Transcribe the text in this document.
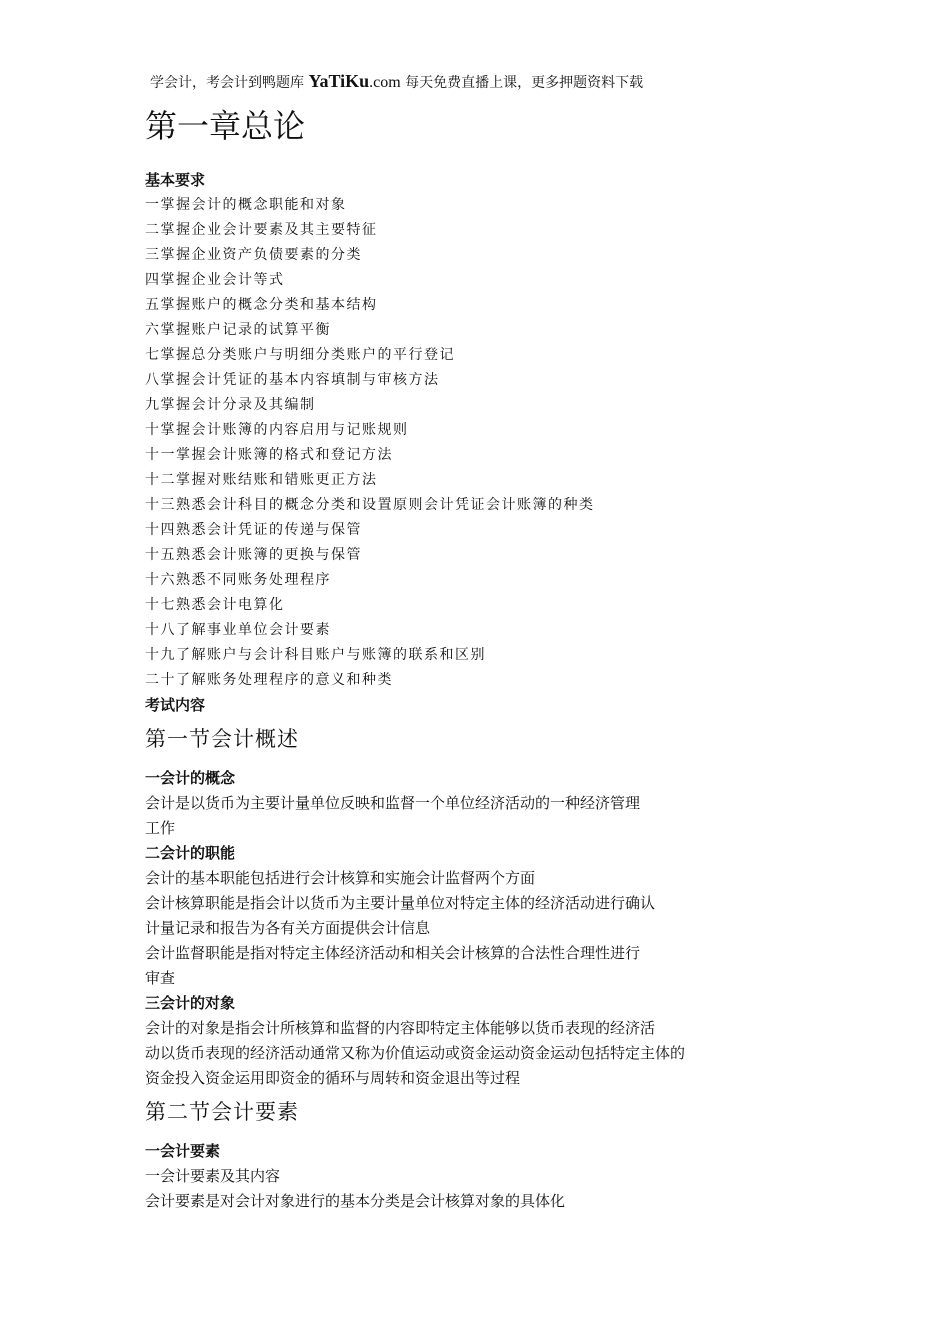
学会计，考会计到鸭题库 YaTiKu.com 每天免费直播上课，更多押题资料下载
第一章总论
基本要求
一掌握会计的概念职能和对象
二掌握企业会计要素及其主要特征
三掌握企业资产负债要素的分类
四掌握企业会计等式
五掌握账户的概念分类和基本结构
六掌握账户记录的试算平衡
七掌握总分类账户与明细分类账户的平行登记
八掌握会计凭证的基本内容填制与审核方法
九掌握会计分录及其编制
十掌握会计账簿的内容启用与记账规则
十一掌握会计账簿的格式和登记方法
十二掌握对账结账和错账更正方法
十三熟悉会计科目的概念分类和设置原则会计凭证会计账簿的种类
十四熟悉会计凭证的传递与保管
十五熟悉会计账簿的更换与保管
十六熟悉不同账务处理程序
十七熟悉会计电算化
十八了解事业单位会计要素
十九了解账户与会计科目账户与账簿的联系和区别
二十了解账务处理程序的意义和种类
考试内容
第一节会计概述
一会计的概念

会计是以货币为主要计量单位反映和监督一个单位经济活动的一种经济管理

工作

二会计的职能

会计的基本职能包括进行会计核算和实施会计监督两个方面

会计核算职能是指会计以货币为主要计量单位对特定主体的经济活动进行确认

计量记录和报告为各有关方面提供会计信息

会计监督职能是指对特定主体经济活动和相关会计核算的合法性合理性进行

审查

三会计的对象

会计的对象是指会计所核算和监督的内容即特定主体能够以货币表现的经济活

动以货币表现的经济活动通常又称为价值运动或资金运动资金运动包括特定主体的

资金投入资金运用即资金的循环与周转和资金退出等过程

第二节会计要素
一会计要素

一会计要素及其内容

会计要素是对会计对象进行的基本分类是会计核算对象的具体化
